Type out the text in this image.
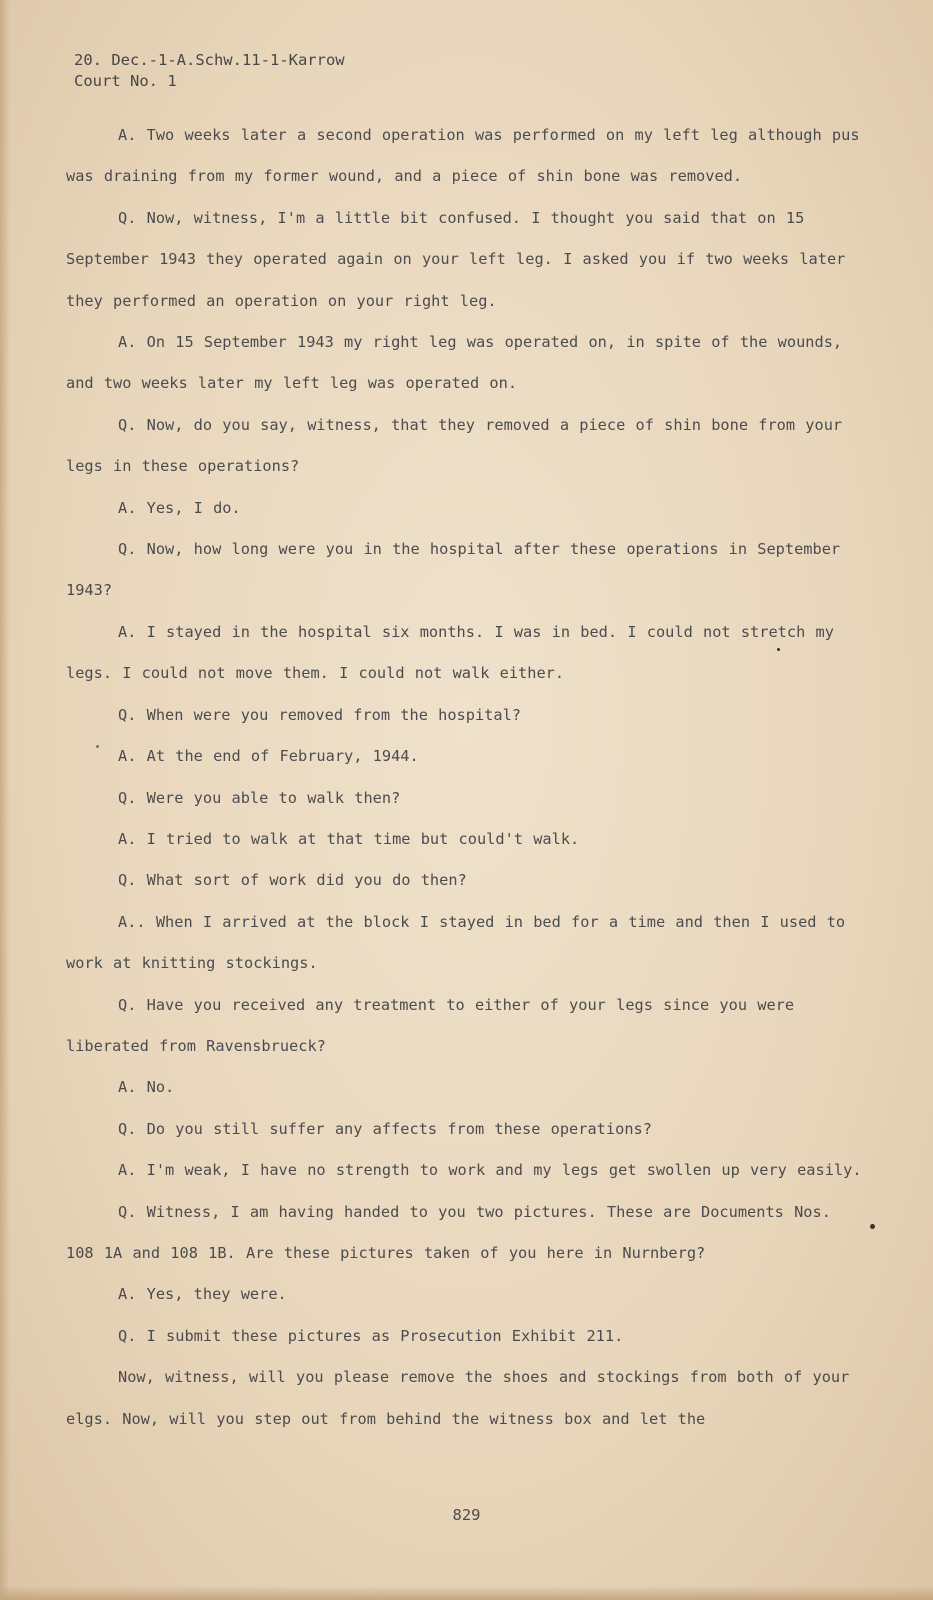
20. Dec.-1-A.Schw.11-1-Karrow
Court No. 1

A. Two weeks later a second operation was performed on my left leg although pus was draining from my former wound, and a piece of shin bone was removed.

Q. Now, witness, I'm a little bit confused. I thought you said that on 15 September 1943 they operated again on your left leg. I asked you if two weeks later they performed an operation on your right leg.

A. On 15 September 1943 my right leg was operated on, in spite of the wounds, and two weeks later my left leg was operated on.

Q. Now, do you say, witness, that they removed a piece of shin bone from your legs in these operations?

A. Yes, I do.

Q. Now, how long were you in the hospital after these operations in September 1943?

A. I stayed in the hospital six months. I was in bed. I could not stretch my legs. I could not move them. I could not walk either.

Q. When were you removed from the hospital?

A. At the end of February, 1944.

Q. Were you able to walk then?

A. I tried to walk at that time but could't walk.

Q. What sort of work did you do then?

A.. When I arrived at the block I stayed in bed for a time and then I used to work at knitting stockings.

Q. Have you received any treatment to either of your legs since you were liberated from Ravensbrueck?

A. No.

Q. Do you still suffer any affects from these operations?

A. I'm weak, I have no strength to work and my legs get swollen up very easily.

Q. Witness, I am having handed to you two pictures. These are Documents Nos. 108 1A and 108 1B. Are these pictures taken of you here in Nurnberg?

A. Yes, they were.

Q. I submit these pictures as Prosecution Exhibit 211.

Now, witness, will you please remove the shoes and stockings from both of your elgs. Now, will you step out from behind the witness box and let the

829
